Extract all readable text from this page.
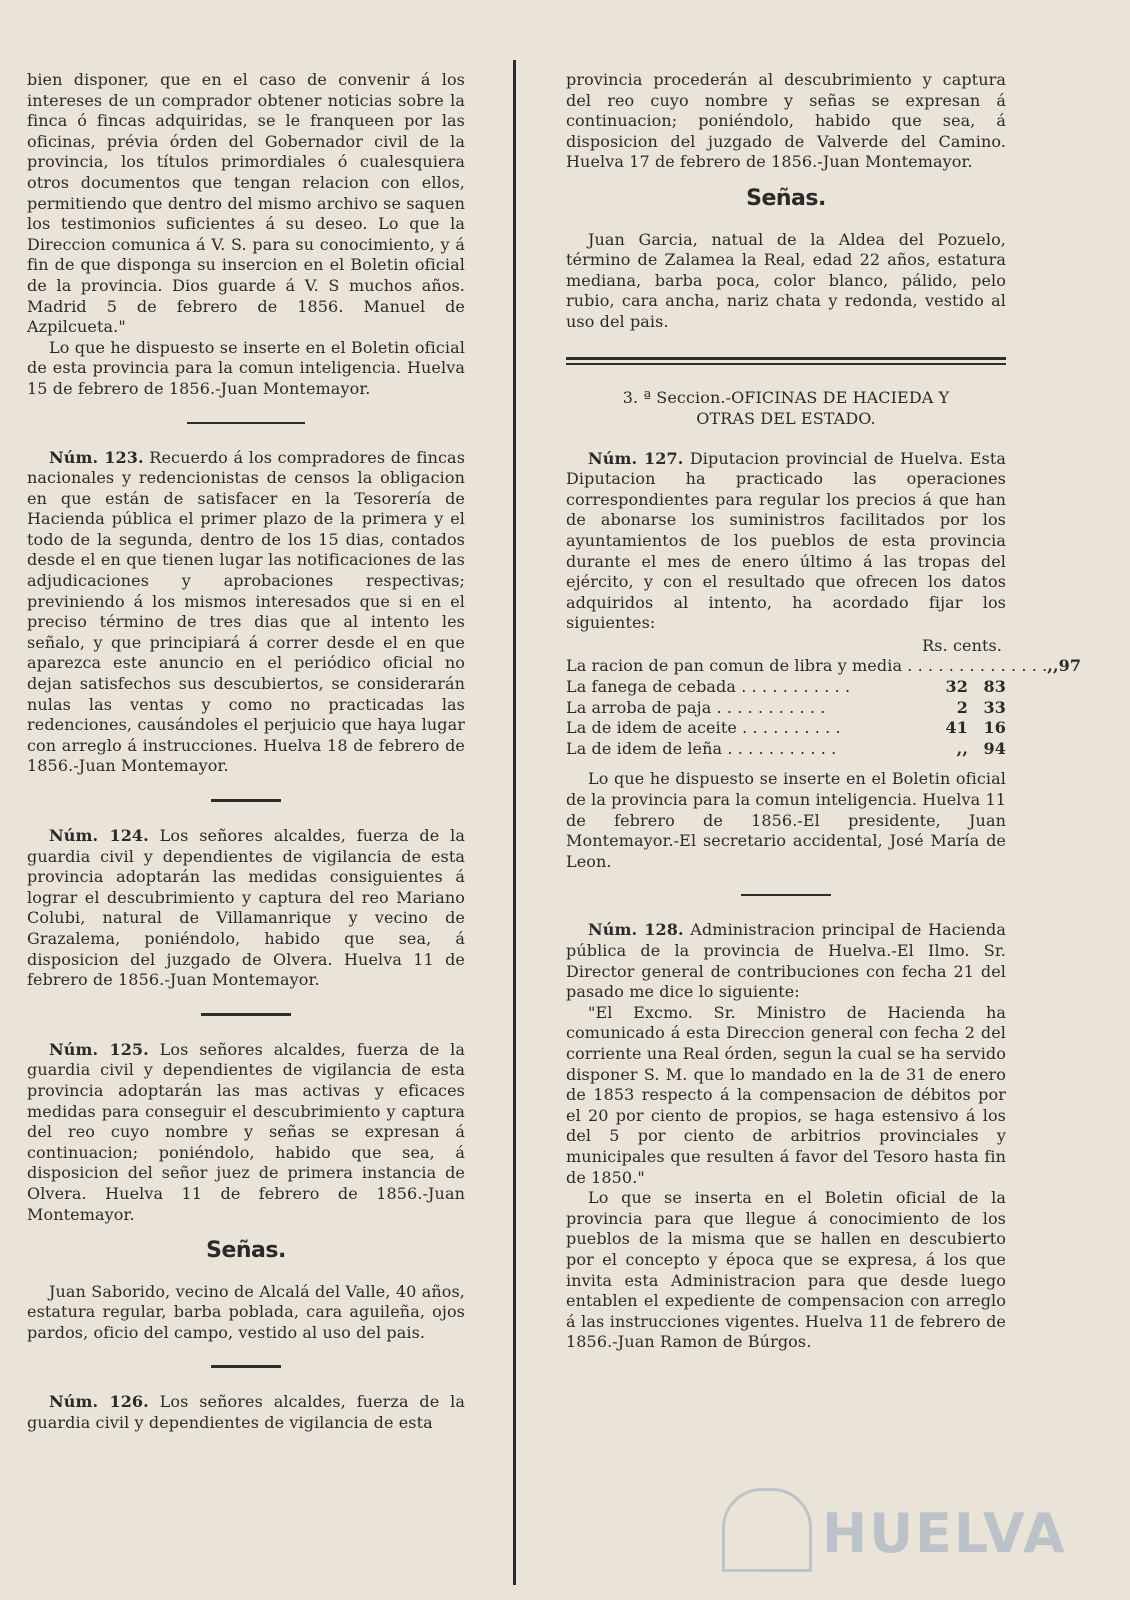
bien disponer, que en el caso de convenir á los intereses de un comprador obtener noticias sobre la finca ó fincas adquiridas, se le franqueen por las oficinas, prévia órden del Gobernador civil de la provincia, los títulos primordiales ó cualesquiera otros documentos que tengan relacion con ellos, permitiendo que dentro del mismo archivo se saquen los testimonios suficientes á su deseo. Lo que la Direccion comunica á V. S. para su conocimiento, y á fin de que disponga su insercion en el Boletin oficial de la provincia. Dios guarde á V. S muchos años. Madrid 5 de febrero de 1856. Manuel de Azpilcueta."

Lo que he dispuesto se inserte en el Boletin oficial de esta provincia para la comun inteligencia. Huelva 15 de febrero de 1856.-Juan Montemayor.

Núm. 123. Recuerdo á los compradores de fincas nacionales y redencionistas de censos la obligacion en que están de satisfacer en la Tesorería de Hacienda pública el primer plazo de la primera y el todo de la segunda, dentro de los 15 dias, contados desde el en que tienen lugar las notificaciones de las adjudicaciones y aprobaciones respectivas; previniendo á los mismos interesados que si en el preciso término de tres dias que al intento les señalo, y que principiará á correr desde el en que aparezca este anuncio en el periódico oficial no dejan satisfechos sus descubiertos, se considerarán nulas las ventas y como no practicadas las redenciones, causándoles el perjuicio que haya lugar con arreglo á instrucciones. Huelva 18 de febrero de 1856.-Juan Montemayor.

Núm. 124. Los señores alcaldes, fuerza de la guardia civil y dependientes de vigilancia de esta provincia adoptarán las medidas consiguientes á lograr el descubrimiento y captura del reo Mariano Colubi, natural de Villamanrique y vecino de Grazalema, poniéndolo, habido que sea, á disposicion del juzgado de Olvera. Huelva 11 de febrero de 1856.-Juan Montemayor.

Núm. 125. Los señores alcaldes, fuerza de la guardia civil y dependientes de vigilancia de esta provincia adoptarán las mas activas y eficaces medidas para conseguir el descubrimiento y captura del reo cuyo nombre y señas se expresan á continuacion; poniéndolo, habido que sea, á disposicion del señor juez de primera instancia de Olvera. Huelva 11 de febrero de 1856.-Juan Montemayor.

Señas.

Juan Saborido, vecino de Alcalá del Valle, 40 años, estatura regular, barba poblada, cara aguileña, ojos pardos, oficio del campo, vestido al uso del pais.

Núm. 126. Los señores alcaldes, fuerza de la guardia civil y dependientes de vigilancia de esta

provincia procederán al descubrimiento y captura del reo cuyo nombre y señas se expresan á continuacion; poniéndolo, habido que sea, á disposicion del juzgado de Valverde del Camino. Huelva 17 de febrero de 1856.-Juan Montemayor.

Señas.

Juan Garcia, natual de la Aldea del Pozuelo, término de Zalamea la Real, edad 22 años, estatura mediana, barba poca, color blanco, pálido, pelo rubio, cara ancha, nariz chata y redonda, vestido al uso del pais.

3. ª Seccion.-OFICINAS DE HACIEDA Y
OTRAS DEL ESTADO.

Núm. 127. Diputacion provincial de Huelva. Esta Diputacion ha practicado las operaciones correspondientes para regular los precios á que han de abonarse los suministros facilitados por los ayuntamientos de los pueblos de esta provincia durante el mes de enero último á las tropas del ejército, y con el resultado que ofrecen los datos adquiridos al intento, ha acordado fijar los siguientes:

Rs. cents.
La racion de pan comun de libra y media . . . . . . . . . . . . . . ,, 97
La fanega de cebada . . . . . . . . . . .	32 83
La arroba de paja . . . . . . . . . . .	2 33
La de idem de aceite . . . . . . . . . .	41 16
La de idem de leña . . . . . . . . . . .	,, 94

Lo que he dispuesto se inserte en el Boletin oficial de la provincia para la comun inteligencia. Huelva 11 de febrero de 1856.-El presidente, Juan Montemayor.-El secretario accidental, José María de Leon.

Núm. 128. Administracion principal de Hacienda pública de la provincia de Huelva.-El Ilmo. Sr. Director general de contribuciones con fecha 21 del pasado me dice lo siguiente:

"El Excmo. Sr. Ministro de Hacienda ha comunicado á esta Direccion general con fecha 2 del corriente una Real órden, segun la cual se ha servido disponer S. M. que lo mandado en la de 31 de enero de 1853 respecto á la compensacion de débitos por el 20 por ciento de propios, se haga estensivo á los del 5 por ciento de arbitrios provinciales y municipales que resulten á favor del Tesoro hasta fin de 1850."

Lo que se inserta en el Boletin oficial de la provincia para que llegue á conocimiento de los pueblos de la misma que se hallen en descubierto por el concepto y época que se expresa, á los que invita esta Administracion para que desde luego entablen el expediente de compensacion con arreglo á las instrucciones vigentes. Huelva 11 de febrero de 1856.-Juan Ramon de Búrgos.

HUELVA
